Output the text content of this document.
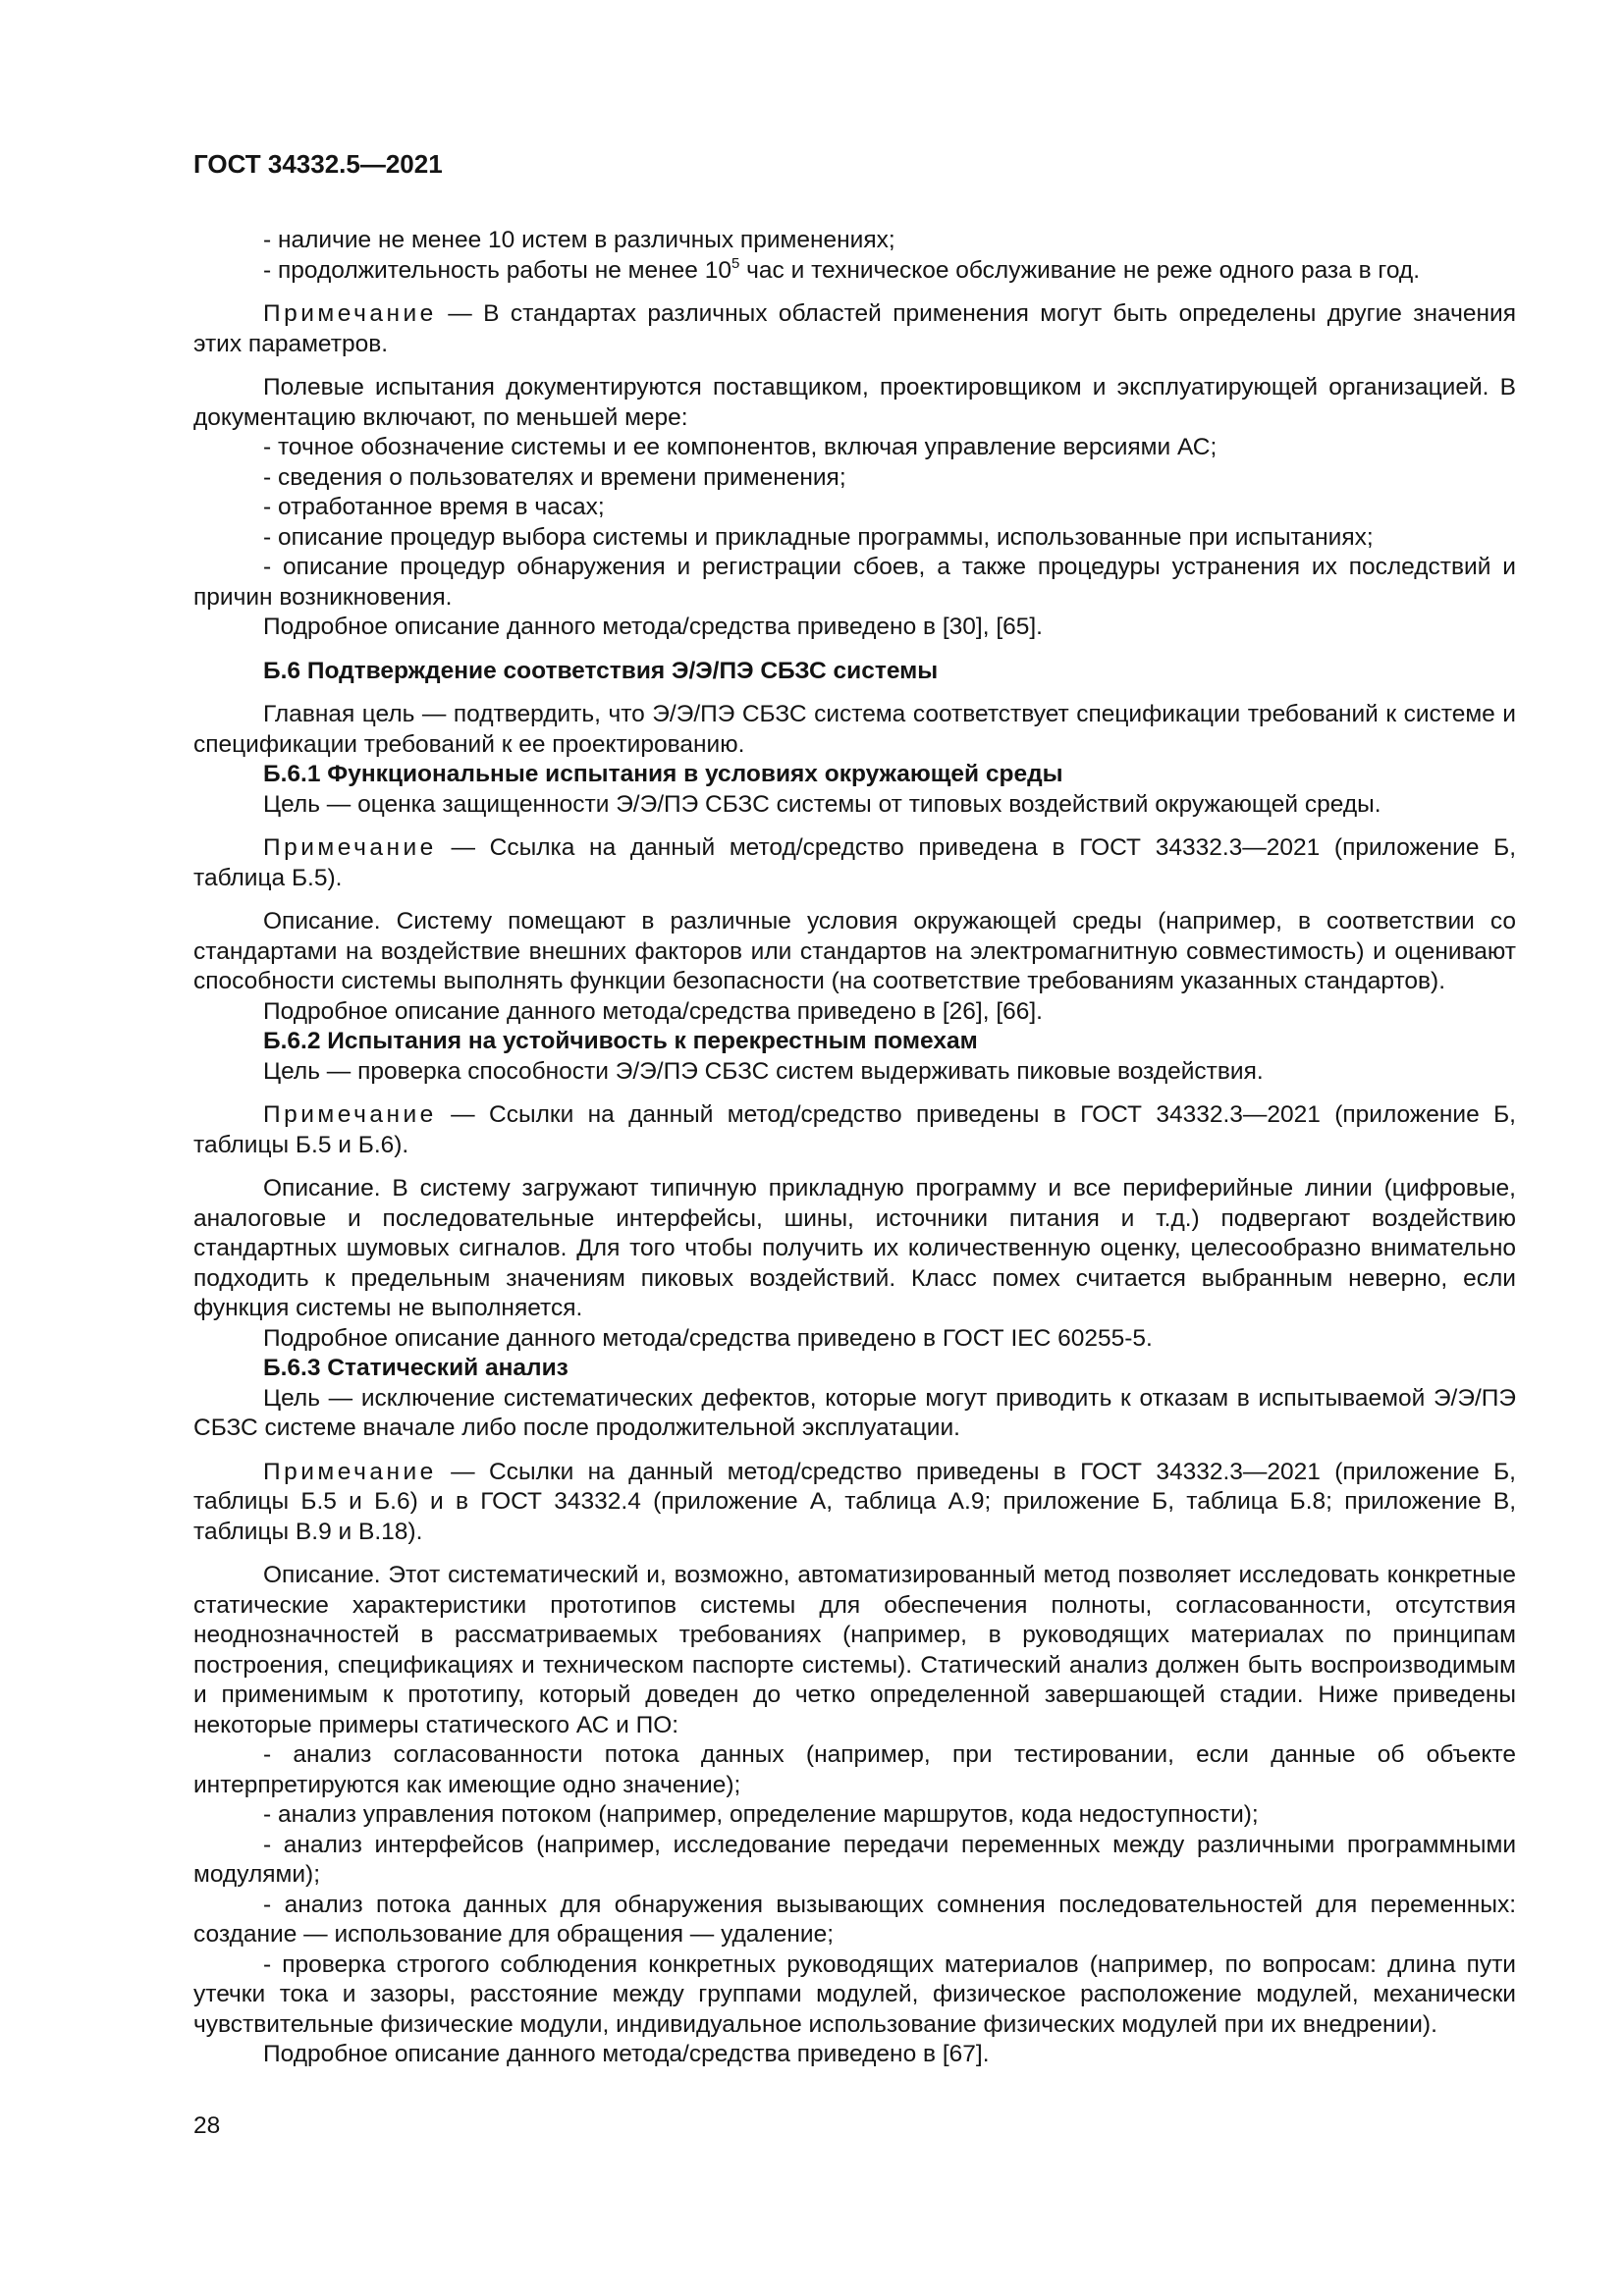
ГОСТ 34332.5—2021

- наличие не менее 10 истем в различных применениях;

- продолжительность работы не менее $10^5$ час и техническое обслуживание не реже одного раза в год.

Примечание — В стандартах различных областей применения могут быть определены другие значения этих параметров.

Полевые испытания документируются поставщиком, проектировщиком и эксплуатирующей организацией. В документацию включают, по меньшей мере:

- точное обозначение системы и ее компонентов, включая управление версиями АС;

- сведения о пользователях и времени применения;

- отработанное время в часах;

- описание процедур выбора системы и прикладные программы, использованные при испытаниях;

- описание процедур обнаружения и регистрации сбоев, а также процедуры устранения их последствий и причин возникновения.

Подробное описание данного метода/средства приведено в [30], [65].

Б.6 Подтверждение соответствия Э/Э/ПЭ СБЗС системы

Главная цель — подтвердить, что Э/Э/ПЭ СБЗС система соответствует спецификации требований к системе и спецификации требований к ее проектированию.

Б.6.1 Функциональные испытания в условиях окружающей среды

Цель — оценка защищенности Э/Э/ПЭ СБЗС системы от типовых воздействий окружающей среды.

Примечание — Ссылка на данный метод/средство приведена в ГОСТ 34332.3—2021 (приложение Б, таблица Б.5).

Описание. Систему помещают в различные условия окружающей среды (например, в соответствии со стандартами на воздействие внешних факторов или стандартов на электромагнитную совместимость) и оценивают способности системы выполнять функции безопасности (на соответствие требованиям указанных стандартов).

Подробное описание данного метода/средства приведено в [26], [66].

Б.6.2 Испытания на устойчивость к перекрестным помехам

Цель — проверка способности Э/Э/ПЭ СБЗС систем выдерживать пиковые воздействия.

Примечание — Ссылки на данный метод/средство приведены в ГОСТ 34332.3—2021 (приложение Б, таблицы Б.5 и Б.6).

Описание. В систему загружают типичную прикладную программу и все периферийные линии (цифровые, аналоговые и последовательные интерфейсы, шины, источники питания и т.д.) подвергают воздействию стандартных шумовых сигналов. Для того чтобы получить их количественную оценку, целесообразно внимательно подходить к предельным значениям пиковых воздействий. Класс помех считается выбранным неверно, если функция системы не выполняется.

Подробное описание данного метода/средства приведено в ГОСТ IEC 60255-5.

Б.6.3 Статический анализ

Цель — исключение систематических дефектов, которые могут приводить к отказам в испытываемой Э/Э/ПЭ СБЗС системе вначале либо после продолжительной эксплуатации.

Примечание — Ссылки на данный метод/средство приведены в ГОСТ 34332.3—2021 (приложение Б, таблицы Б.5 и Б.6) и в ГОСТ 34332.4 (приложение А, таблица А.9; приложение Б, таблица Б.8; приложение В, таблицы В.9 и В.18).

Описание. Этот систематический и, возможно, автоматизированный метод позволяет исследовать конкретные статические характеристики прототипов системы для обеспечения полноты, согласованности, отсутствия неоднозначностей в рассматриваемых требованиях (например, в руководящих материалах по принципам построения, спецификациях и техническом паспорте системы). Статический анализ должен быть воспроизводимым и применимым к прототипу, который доведен до четко определенной завершающей стадии. Ниже приведены некоторые примеры статического АС и ПО:

- анализ согласованности потока данных (например, при тестировании, если данные об объекте интерпретируются как имеющие одно значение);

- анализ управления потоком (например, определение маршрутов, кода недоступности);

- анализ интерфейсов (например, исследование передачи переменных между различными программными модулями);

- анализ потока данных для обнаружения вызывающих сомнения последовательностей для переменных: создание — использование для обращения — удаление;

- проверка строгого соблюдения конкретных руководящих материалов (например, по вопросам: длина пути утечки тока и зазоры, расстояние между группами модулей, физическое расположение модулей, механически чувствительные физические модули, индивидуальное использование физических модулей при их внедрении).

Подробное описание данного метода/средства приведено в [67].

28
